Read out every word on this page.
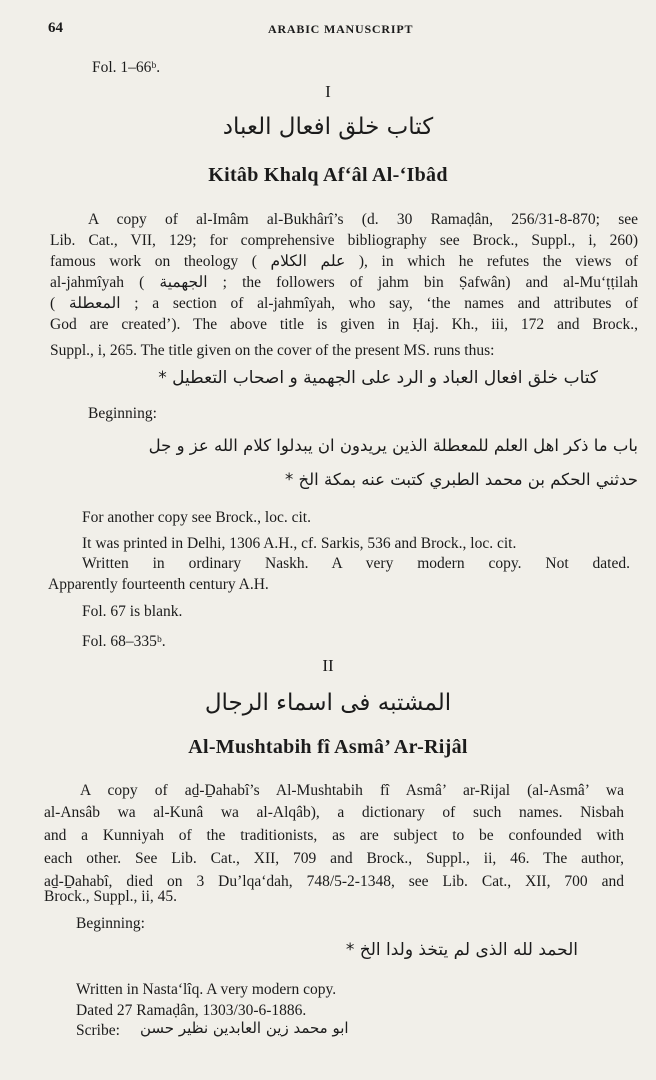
64	ARABIC MANUSCRIPT
Fol. 1–66ᵇ.
I
كتاب خلق افعال العباد
Kitâb Khalq Af‘âl Al-‘Ibâd
A copy of al-Imâm al-Bukhârî’s (d. 30 Ramaḍân, 256/31-8-870; see
Lib. Cat., VII, 129; for comprehensive bibliography see Brock., Suppl., i, 260)
famous work on theology ( علم الكلام ), in which he refutes the views of
al-jahmîyah ( الجهمية ; the followers of jahm bin Ṣafwân) and al-Mu‘ṭṭilah
( المعطلة ; a section of al-jahmîyah, who say, ‘the names and attributes of
God are created’). The above title is given in Ḥaj. Kh., iii, 172 and Brock.,
Suppl., i, 265. The title given on the cover of the present MS. runs thus:
كتاب خلق افعال العباد و الرد على الجهمية و اصحاب التعطيل *
Beginning:
باب ما ذكر اهل العلم للمعطلة الذين يريدون ان يبدلوا كلام الله عز و جل
حدثني الحكم بن محمد الطبري كتبت عنه بمكة الخ *
For another copy see Brock., loc. cit.
It was printed in Delhi, 1306 A.H., cf. Sarkis, 536 and Brock., loc. cit.
Written in ordinary Naskh. A very modern copy. Not dated.
Apparently fourteenth century A.H.
Fol. 67 is blank.
Fol. 68–335ᵇ.
II
المشتبه فى اسماء الرجال
Al-Mushtabih fî Asmâ’ Ar-Rijâl
A copy of aḏ-Ḏahabî’s Al-Mushtabih fî Asmâ’ ar-Rijal (al-Asmâ’ wa
al-Ansâb wa al-Kunâ wa al-Alqâb), a dictionary of such names. Nisbah
and a Kunniyah of the traditionists, as are subject to be confounded with
each other. See Lib. Cat., XII, 709 and Brock., Suppl., ii, 46. The author,
aḏ-Ḏahabî, died on 3 Du’lqa‘dah, 748/5-2-1348, see Lib. Cat., XII, 700 and
Brock., Suppl., ii, 45.
Beginning:
الحمد لله الذى لم يتخذ ولدا الخ *
Written in Nasta‘lîq. A very modern copy.
Dated 27 Ramaḍân, 1303/30-6-1886.
Scribe: ابو محمد زين العابدين نظير حسن
